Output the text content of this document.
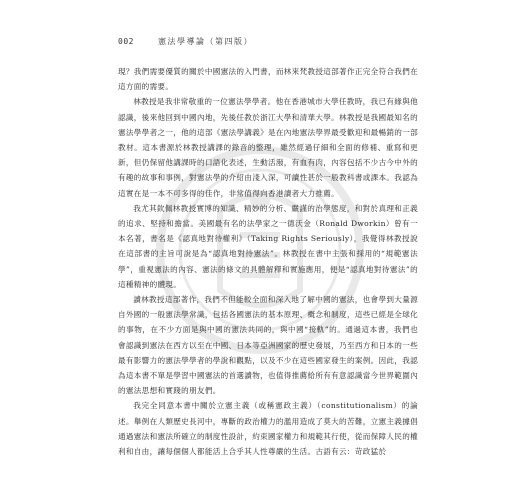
002	憲法學導論（第四版）

現？我們需要優質的關於中國憲法的入門書，而林來梵教授這部著作正完全符合我們在這方面的需要。

林教授是我非常敬重的一位憲法學學者。他在香港城市大學任教時，我已有緣與他認識，後來他回到中國內地，先後任教於浙江大學和清華大學。林教授是我國最知名的憲法學學者之一，他的這部《憲法學講義》是在內地憲法學界最受歡迎和最暢銷的一部教材。這本書源於林教授講課的錄音的整理，雖然經過仔細和全面的修補、重寫和更新，但仍保留他講課時的口語化表述，生動活潑，有血有肉，內容包括不少古今中外的有趣的故事和事例，對憲法學的介紹由淺入深，可讀性甚於一般教科書或課本。我認為這實在是一本不可多得的佳作，非常值得向香港讀者大力推薦。

我尤其欽佩林教授實博的知識、精妙的分析、嚴謹的治學態度，和對於真理和正義的追求、堅持和擔當。美國最有名的法學家之一德沃金（Ronald Dworkin）曾有一本名著，書名是《認真地對待權利》（Taking Rights Seriously），我覺得林教授說在這部書的主旨可說是為“認真地對待憲法”。林教授在書中主張和採用的“規範憲法學”，重視憲法的內容、憲法的條文的具體解釋和實施應用，便是“認真地對待憲法”的這種精神的體現。

讀林教授這部著作，我們不但能較全面和深入地了解中國的憲法，也會學到大量源自外國的一般憲法學常識，包括各國憲法的基本原理、概念和制度，這些已經是全球化的事物，在不少方面是與中國的憲法共同的，與中國“接軌”的。通過這本書，我們也會認識到憲法在西方以至在中國、日本等亞洲國家的歷史發展，乃至西方和日本的一些最有影響力的憲法學學者的學說和觀點，以及不少在這些國家發生的案例。因此，我認為這本書不單是學習中國憲法的首選讀物，也值得推薦給所有有意認識當今世界範圍內的憲法思想和實踐的朋友們。

我完全同意本書中關於立憲主義（或稱憲政主義）（constitutionalism）的論述。舉例在人類歷史長河中，專斷的政治權力的濫用造成了莫大的苦難，立憲主義據倡通過憲法和憲法所確立的制度性設計，約束國家權力和規範其行使，從而保障人民的權利和自由，讓每個個人都能活上合乎其人性尊嚴的生活。古語有云：苛政猛於
